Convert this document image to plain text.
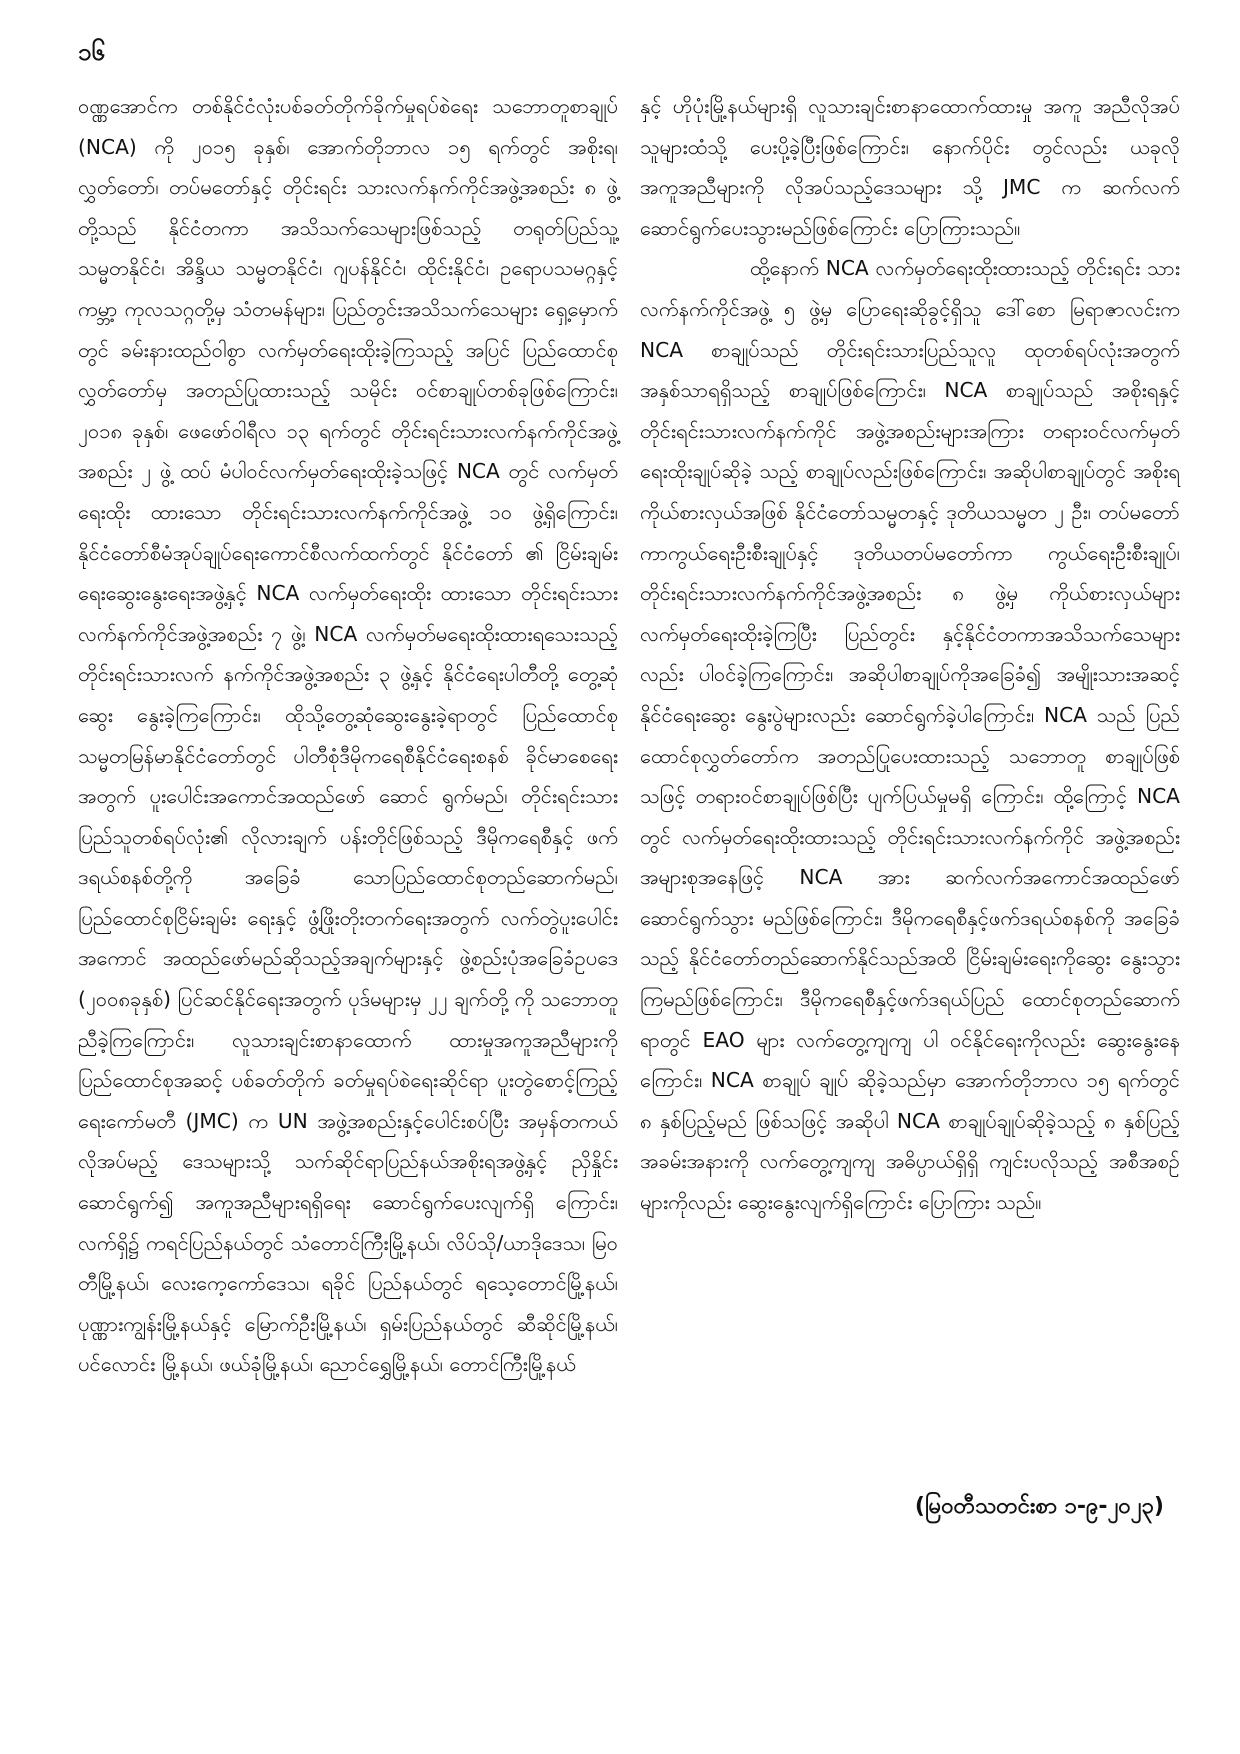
၁၆

ဝဏ္ဏအောင်က တစ်နိုင်ငံလုံးပစ်ခတ်တိုက်ခိုက်မှုရပ်စဲရေး သဘောတူစာချုပ် (NCA) ကို ၂၀၁၅ ခုနှစ်၊ အောက်တိုဘာလ ၁၅ ရက်တွင် အစိုးရ၊ လွှတ်တော်၊ တပ်မတော်နှင့် တိုင်းရင်း သားလက်နက်ကိုင်အဖွဲ့အစည်း ၈ ဖွဲ့တို့သည် နိုင်ငံတကာ အသိသက်သေများဖြစ်သည့် တရုတ်ပြည်သူ့သမ္မတနိုင်ငံ၊ အိန္ဒိယ သမ္မတနိုင်ငံ၊ ဂျပန်နိုင်ငံ၊ ထိုင်းနိုင်ငံ၊ ဥရောပသမဂ္ဂနှင့် ကမ္ဘာ့ ကုလသဂ္ဂတို့မှ သံတမန်များ၊ ပြည်တွင်းအသိသက်သေများ ရှေ့မှောက်တွင် ခမ်းနားထည်ဝါစွာ လက်မှတ်ရေးထိုးခဲ့ကြသည့် အပြင် ပြည်ထောင်စုလွှတ်တော်မှ အတည်ပြုထားသည့် သမိုင်း ဝင်စာချုပ်တစ်ခုဖြစ်ကြောင်း၊ ၂၀၁၈ ခုနှစ်၊ ဖေဖော်ဝါရီလ ၁၃ ရက်တွင် တိုင်းရင်းသားလက်နက်ကိုင်အဖွဲ့အစည်း ၂ ဖွဲ့ ထပ် မံပါဝင်လက်မှတ်ရေးထိုးခဲ့သဖြင့် NCA တွင် လက်မှတ်ရေးထိုး ထားသော တိုင်းရင်းသားလက်နက်ကိုင်အဖွဲ့ ၁၀ ဖွဲ့ရှိကြောင်း၊ နိုင်ငံတော်စီမံအုပ်ချုပ်ရေးကောင်စီလက်ထက်တွင် နိုင်ငံတော် ၏ ငြိမ်းချမ်းရေးဆွေးနွေးရေးအဖွဲ့နှင့် NCA လက်မှတ်ရေးထိုး ထားသော တိုင်းရင်းသားလက်နက်ကိုင်အဖွဲ့အစည်း ၇ ဖွဲ့၊ NCA လက်မှတ်မရေးထိုးထားရသေးသည့် တိုင်းရင်းသားလက် နက်ကိုင်အဖွဲ့အစည်း ၃ ဖွဲ့နှင့် နိုင်ငံရေးပါတီတို့ တွေ့ဆုံဆွေး နွေးခဲ့ကြကြောင်း၊ ထိုသို့တွေ့ဆုံဆွေးနွေးခဲ့ရာတွင် ပြည်ထောင်စု သမ္မတမြန်မာနိုင်ငံတော်တွင် ပါတီစုံဒီမိုကရေစီနိုင်ငံရေးစနစ် ခိုင်မာစေရေးအတွက် ပူးပေါင်းအကောင်အထည်ဖော် ဆောင် ရွက်မည်၊ တိုင်းရင်းသားပြည်သူတစ်ရပ်လုံး၏ လိုလားချက် ပန်းတိုင်ဖြစ်သည့် ဒီမိုကရေစီနှင့် ဖက်ဒရယ်စနစ်တို့ကို အခြေခံ သောပြည်ထောင်စုတည်ဆောက်မည်၊ ပြည်ထောင်စုငြိမ်းချမ်း ရေးနှင့် ဖွံ့ဖြိုးတိုးတက်ရေးအတွက် လက်တွဲပူးပေါင်းအကောင် အထည်ဖော်မည်ဆိုသည့်အချက်များနှင့် ဖွဲ့စည်းပုံအခြေခံဥပဒေ (၂၀၀၈ခုနှစ်) ပြင်ဆင်နိုင်ရေးအတွက် ပုဒ်မများမှ ၂၂ ချက်တို့ ကို သဘောတူညီခဲ့ကြကြောင်း၊ လူသားချင်းစာနာထောက် ထားမှုအကူအညီများကို ပြည်ထောင်စုအဆင့် ပစ်ခတ်တိုက် ခတ်မှုရပ်စဲရေးဆိုင်ရာ ပူးတွဲစောင့်ကြည့်ရေးကော်မတီ (JMC) က UN အဖွဲ့အစည်းနှင့်ပေါင်းစပ်ပြီး အမှန်တကယ်လိုအပ်မည့် ဒေသများသို့ သက်ဆိုင်ရာပြည်နယ်အစိုးရအဖွဲ့နှင့် ညှိနှိုင်း ဆောင်ရွက်၍ အကူအညီများရရှိရေး ဆောင်ရွက်ပေးလျက်ရှိ ကြောင်း၊ လက်ရှိ၌ ကရင်ပြည်နယ်တွင် သံတောင်ကြီးမြို့နယ်၊ လိပ်သို/ယာဒိုဒေသ၊ မြဝတီမြို့နယ်၊ လေးကေ့ကော်ဒေသ၊ ရခိုင် ပြည်နယ်တွင် ရသေ့တောင်မြို့နယ်၊ ပုဏ္ဏားကျွန်းမြို့နယ်နှင့် မြောက်ဦးမြို့နယ်၊ ရှမ်းပြည်နယ်တွင် ဆီဆိုင်မြို့နယ်၊ ပင်လောင်း မြို့နယ်၊ ဖယ်ခုံမြို့နယ်၊ ညောင်ရွှေမြို့နယ်၊ တောင်ကြီးမြို့နယ်

နှင့် ဟိုပုံးမြို့နယ်များရှိ လူသားချင်းစာနာထောက်ထားမှု အကူ အညီလိုအပ်သူများထံသို့ ပေးပို့ခဲ့ပြီးဖြစ်ကြောင်း၊ နောက်ပိုင်း တွင်လည်း ယခုလိုအကူအညီများကို လိုအပ်သည့်ဒေသများ သို့ JMC က ဆက်လက်ဆောင်ရွက်ပေးသွားမည်ဖြစ်ကြောင်း ပြောကြားသည်။

ထို့နောက် NCA လက်မှတ်ရေးထိုးထားသည့် တိုင်းရင်း သားလက်နက်ကိုင်အဖွဲ့ ၅ ဖွဲ့မှ ပြောရေးဆိုခွင့်ရှိသူ ဒေါ်စော မြရာဇာလင်းက NCA စာချုပ်သည် တိုင်းရင်းသားပြည်သူလူ ထုတစ်ရပ်လုံးအတွက် အနှစ်သာရရှိသည့် စာချုပ်ဖြစ်ကြောင်း၊ NCA စာချုပ်သည် အစိုးရနှင့် တိုင်းရင်းသားလက်နက်ကိုင် အဖွဲ့အစည်းများအကြား တရားဝင်လက်မှတ်ရေးထိုးချုပ်ဆိုခဲ့ သည့် စာချုပ်လည်းဖြစ်ကြောင်း၊ အဆိုပါစာချုပ်တွင် အစိုးရ ကိုယ်စားလှယ်အဖြစ် နိုင်ငံတော်သမ္မတနှင့် ဒုတိယသမ္မတ ၂ ဦး၊ တပ်မတော်ကာကွယ်ရေးဦးစီးချုပ်နှင့် ဒုတိယတပ်မတော်ကာ ကွယ်ရေးဦးစီးချုပ်၊ တိုင်းရင်းသားလက်နက်ကိုင်အဖွဲ့အစည်း ၈ ဖွဲ့မှ ကိုယ်စားလှယ်များ လက်မှတ်ရေးထိုးခဲ့ကြပြီး ပြည်တွင်း နှင့်နိုင်ငံတကာအသိသက်သေများလည်း ပါဝင်ခဲ့ကြကြောင်း၊ အဆိုပါစာချုပ်ကိုအခြေခံ၍ အမျိုးသားအဆင့် နိုင်ငံရေးဆွေး နွေးပွဲများလည်း ဆောင်ရွက်ခဲ့ပါကြောင်း၊ NCA သည် ပြည် ထောင်စုလွှတ်တော်က အတည်ပြုပေးထားသည့် သဘောတူ စာချုပ်ဖြစ်သဖြင့် တရားဝင်စာချုပ်ဖြစ်ပြီး ပျက်ပြယ်မှုမရှိ ကြောင်း၊ ထို့ကြောင့် NCA တွင် လက်မှတ်ရေးထိုးထားသည့် တိုင်းရင်းသားလက်နက်ကိုင် အဖွဲ့အစည်းအများစုအနေဖြင့် NCA အား ဆက်လက်အကောင်အထည်ဖော် ဆောင်ရွက်သွား မည်ဖြစ်ကြောင်း၊ ဒီမိုကရေစီနှင့်ဖက်ဒရယ်စနစ်ကို အခြေခံသည့် နိုင်ငံတော်တည်ဆောက်နိုင်သည်အထိ ငြိမ်းချမ်းရေးကိုဆွေး နွေးသွားကြမည်ဖြစ်ကြောင်း၊ ဒီမိုကရေစီနှင့်ဖက်ဒရယ်ပြည် ထောင်စုတည်ဆောက်ရာတွင် EAO များ လက်တွေ့ကျကျ ပါ ဝင်နိုင်ရေးကိုလည်း ဆွေးနွေးနေကြောင်း၊ NCA စာချုပ် ချုပ် ဆိုခဲ့သည်မှာ အောက်တိုဘာလ ၁၅ ရက်တွင် ၈ နှစ်ပြည့်မည် ဖြစ်သဖြင့် အဆိုပါ NCA စာချုပ်ချုပ်ဆိုခဲ့သည့် ၈ နှစ်ပြည့် အခမ်းအနားကို လက်တွေ့ကျကျ အဓိပ္ပာယ်ရှိရှိ ကျင်းပလိုသည့် အစီအစဉ်များကိုလည်း ဆွေးနွေးလျက်ရှိကြောင်း ပြောကြား သည်။

(မြဝတီသတင်းစာ ၁-၉-၂၀၂၃)
